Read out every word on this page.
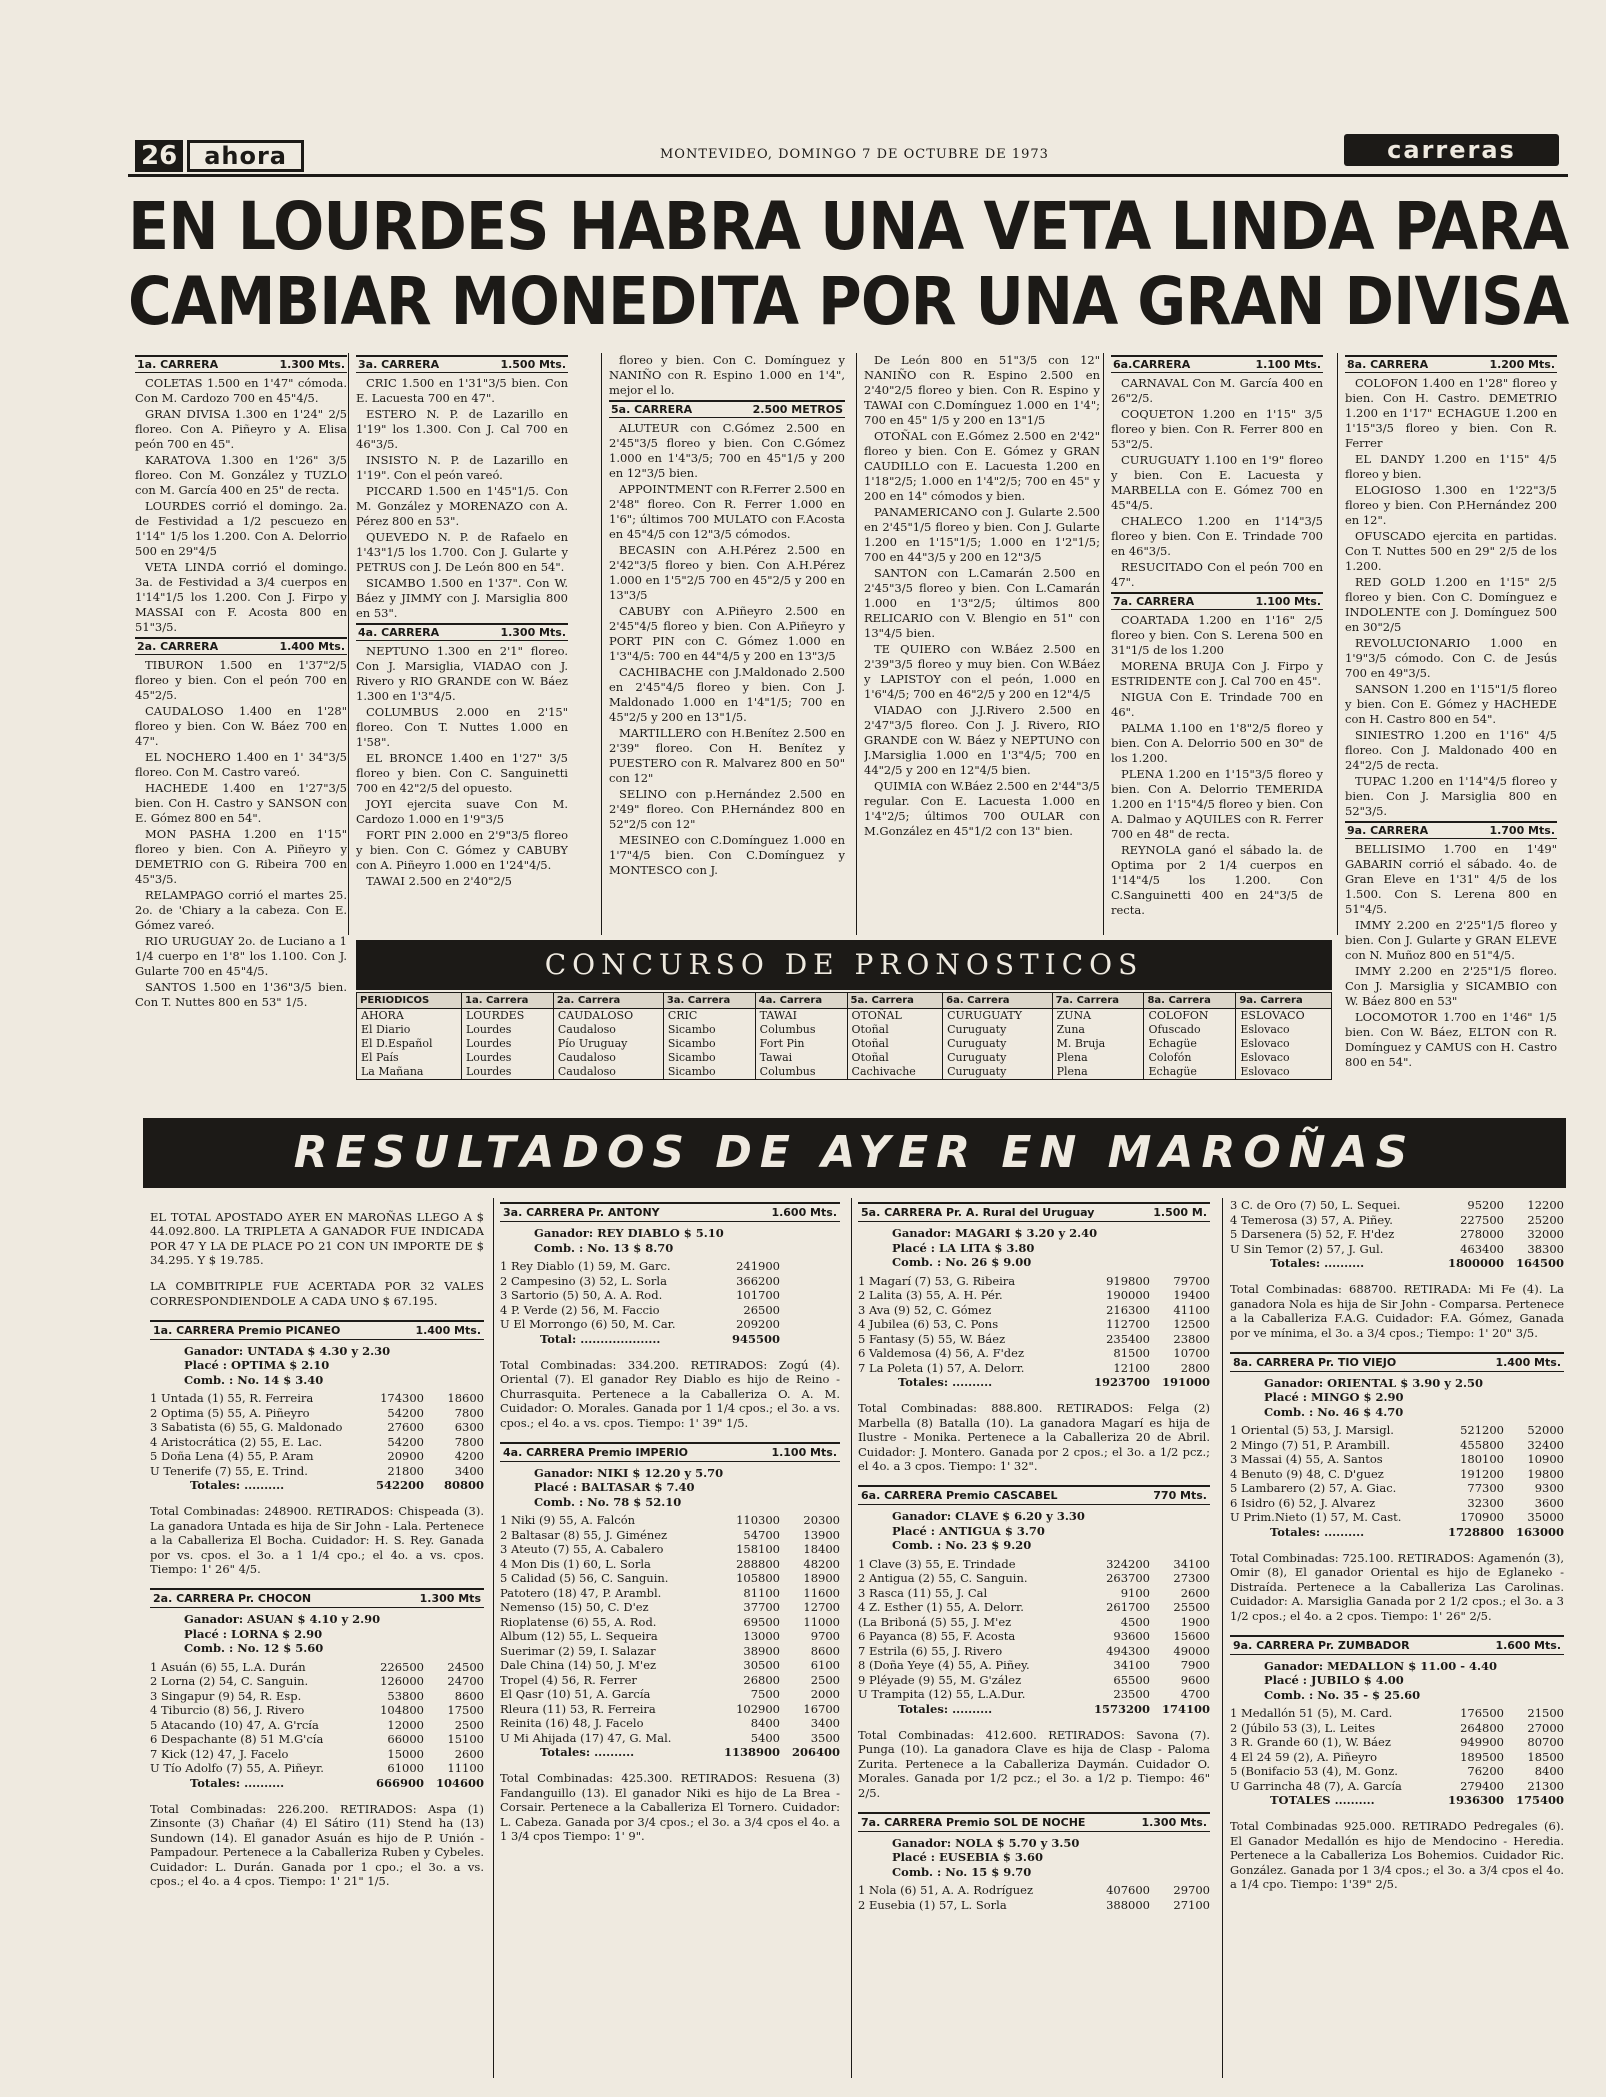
26	ahora	MONTEVIDEO, DOMINGO 7 DE OCTUBRE DE 1973	carreras
EN LOURDES HABRA UNA VETA LINDA PARA
CAMBIAR MONEDITA POR UNA GRAN DIVISA
1a. CARRERA	1.300 Mts.

COLETAS 1.500 en 1'47" cómoda. Con M. Cardozo 700 en 45"4/5.

GRAN DIVISA 1.300 en 1'24" 2/5 floreo. Con A. Piñeyro y A. Elisa peón 700 en 45".

KARATOVA 1.300 en 1'26" 3/5 floreo. Con M. González y TUZLO con M. García 400 en 25" de recta.

LOURDES corrió el domingo. 2a. de Festividad a 1/2 pescuezo en 1'14" 1/5 los 1.200. Con A. Delorrio 500 en 29"4/5

VETA LINDA corrió el domingo. 3a. de Festividad a 3/4 cuerpos en 1'14"1/5 los 1.200. Con J. Firpo y MASSAI con F. Acosta 800 en 51"3/5.

2a. CARRERA	1.400 Mts.

TIBURON 1.500 en 1'37"2/5 floreo y bien. Con el peón 700 en 45"2/5.

CAUDALOSO 1.400 en 1'28" floreo y bien. Con W. Báez 700 en 47".

EL NOCHERO 1.400 en 1' 34"3/5 floreo. Con M. Castro vareó.

HACHEDE 1.400 en 1'27"3/5 bien. Con H. Castro y SANSON con E. Gómez 800 en 54".

MON PASHA 1.200 en 1'15" floreo y bien. Con A. Piñeyro y DEMETRIO con G. Ribeira 700 en 45"3/5.

RELAMPAGO corrió el martes 25. 2o. de 'Chiary a la cabeza. Con E. Gómez vareó.

RIO URUGUAY 2o. de Luciano a 1 1/4 cuerpo en 1'8" los 1.100. Con J. Gularte 700 en 45"4/5.

SANTOS 1.500 en 1'36"3/5 bien. Con T. Nuttes 800 en 53" 1/5.

3a. CARRERA	1.500 Mts.

CRIC 1.500 en 1'31"3/5 bien. Con E. Lacuesta 700 en 47".

ESTERO N. P. de Lazarillo en 1'19" los 1.300. Con J. Cal 700 en 46"3/5.

INSISTO N. P. de Lazarillo en 1'19". Con el peón vareó.

PICCARD 1.500 en 1'45"1/5. Con M. González y MORENAZO con A. Pérez 800 en 53".

QUEVEDO N. P. de Rafaelo en 1'43"1/5 los 1.700. Con J. Gularte y PETRUS con J. De León 800 en 54".

SICAMBO 1.500 en 1'37". Con W. Báez y JIMMY con J. Marsiglia 800 en 53".

4a. CARRERA	1.300 Mts.

NEPTUNO 1.300 en 2'1" floreo. Con J. Marsiglia, VIADAO con J. Rivero y RIO GRANDE con W. Báez 1.300 en 1'3"4/5.

COLUMBUS 2.000 en 2'15" floreo. Con T. Nuttes 1.000 en 1'58".

EL BRONCE 1.400 en 1'27" 3/5 floreo y bien. Con C. Sanguinetti 700 en 42"2/5 del opuesto.

JOYI ejercita suave Con M. Cardozo 1.000 en 1'9"3/5

FORT PIN 2.000 en 2'9"3/5 floreo y bien. Con C. Gómez y CABUBY con A. Piñeyro 1.000 en 1'24"4/5.

TAWAI 2.500 en 2'40"2/5

floreo y bien. Con C. Domínguez y NANIÑO con R. Espino 1.000 en 1'4", mejor el lo.

5a. CARRERA	2.500 METROS

ALUTEUR con C.Gómez 2.500 en 2'45"3/5 floreo y bien. Con C.Gómez 1.000 en 1'4"3/5; 700 en 45"1/5 y 200 en 12"3/5 bien.

APPOINTMENT con R.Ferrer 2.500 en 2'48" floreo. Con R. Ferrer 1.000 en 1'6"; últimos 700 MULATO con F.Acosta en 45"4/5 con 12"3/5 cómodos.

BECASIN con A.H.Pérez 2.500 en 2'42"3/5 floreo y bien. Con A.H.Pérez 1.000 en 1'5"2/5 700 en 45"2/5 y 200 en 13"3/5

CABUBY con A.Piñeyro 2.500 en 2'45"4/5 floreo y bien. Con A.Piñeyro y PORT PIN con C. Gómez 1.000 en 1'3"4/5: 700 en 44"4/5 y 200 en 13"3/5

CACHIBACHE con J.Maldonado 2.500 en 2'45"4/5 floreo y bien. Con J. Maldonado 1.000 en 1'4"1/5; 700 en 45"2/5 y 200 en 13"1/5.

MARTILLERO con H.Benítez 2.500 en 2'39" floreo. Con H. Benítez y PUESTERO con R. Malvarez 800 en 50" con 12"

SELINO con p.Hernández 2.500 en 2'49" floreo. Con P.Hernández 800 en 52"2/5 con 12"

MESINEO con C.Domínguez 1.000 en 1'7"4/5 bien. Con C.Domínguez y MONTESCO con J.

De León 800 en 51"3/5 con 12" NANIÑO con R. Espino 2.500 en 2'40"2/5 floreo y bien. Con R. Espino y TAWAI con C.Domínguez 1.000 en 1'4"; 700 en 45" 1/5 y 200 en 13"1/5

OTOÑAL con E.Gómez 2.500 en 2'42" floreo y bien. Con E. Gómez y GRAN CAUDILLO con E. Lacuesta 1.200 en 1'18"2/5; 1.000 en 1'4"2/5; 700 en 45" y 200 en 14" cómodos y bien.

PANAMERICANO con J. Gularte 2.500 en 2'45"1/5 floreo y bien. Con J. Gularte 1.200 en 1'15"1/5; 1.000 en 1'2"1/5; 700 en 44"3/5 y 200 en 12"3/5

SANTON con L.Camarán 2.500 en 2'45"3/5 floreo y bien. Con L.Camarán 1.000 en 1'3"2/5; últimos 800 RELICARIO con V. Blengio en 51" con 13"4/5 bien.

TE QUIERO con W.Báez 2.500 en 2'39"3/5 floreo y muy bien. Con W.Báez y LAPISTOY con el peón, 1.000 en 1'6"4/5; 700 en 46"2/5 y 200 en 12"4/5

VIADAO con J.J.Rivero 2.500 en 2'47"3/5 floreo. Con J. J. Rivero, RIO GRANDE con W. Báez y NEPTUNO con J.Marsiglia 1.000 en 1'3"4/5; 700 en 44"2/5 y 200 en 12"4/5 bien.

QUIMIA con W.Báez 2.500 en 2'44"3/5 regular. Con E. Lacuesta 1.000 en 1'4"2/5; últimos 700 OULAR con M.González en 45"1/2 con 13" bien.

6a.CARRERA	1.100 Mts.

CARNAVAL Con M. García 400 en 26"2/5.

COQUETON 1.200 en 1'15" 3/5 floreo y bien. Con R. Ferrer 800 en 53"2/5.

CURUGUATY 1.100 en 1'9" floreo y bien. Con E. Lacuesta y MARBELLA con E. Gómez 700 en 45"4/5.

CHALECO 1.200 en 1'14"3/5 floreo y bien. Con E. Trindade 700 en 46"3/5.

RESUCITADO Con el peón 700 en 47".

7a. CARRERA	1.100 Mts.

COARTADA 1.200 en 1'16" 2/5 floreo y bien. Con S. Lerena 500 en 31"1/5 de los 1.200

MORENA BRUJA Con J. Firpo y ESTRIDENTE con J. Cal 700 en 45".

NIGUA Con E. Trindade 700 en 46".

PALMA 1.100 en 1'8"2/5 floreo y bien. Con A. Delorrio 500 en 30" de los 1.200.

PLENA 1.200 en 1'15"3/5 floreo y bien. Con A. Delorrio TEMERIDA 1.200 en 1'15"4/5 floreo y bien. Con A. Dalmao y AQUILES con R. Ferrer 700 en 48" de recta.

REYNOLA ganó el sábado la. de Optima por 2 1/4 cuerpos en 1'14"4/5 los 1.200. Con C.Sanguinetti 400 en 24"3/5 de recta.

8a. CARRERA	1.200 Mts.

COLOFON 1.400 en 1'28" floreo y bien. Con H. Castro. DEMETRIO 1.200 en 1'17" ECHAGUE 1.200 en 1'15"3/5 floreo y bien. Con R. Ferrer

EL DANDY 1.200 en 1'15" 4/5 floreo y bien.

ELOGIOSO 1.300 en 1'22"3/5 floreo y bien. Con P.Hernández 200 en 12".

OFUSCADO ejercita en partidas. Con T. Nuttes 500 en 29" 2/5 de los 1.200.

RED GOLD 1.200 en 1'15" 2/5 floreo y bien. Con C. Domínguez e INDOLENTE con J. Domínguez 500 en 30"2/5

REVOLUCIONARIO 1.000 en 1'9"3/5 cómodo. Con C. de Jesús 700 en 49"3/5.

SANSON 1.200 en 1'15"1/5 floreo y bien. Con E. Gómez y HACHEDE con H. Castro 800 en 54".

SINIESTRO 1.200 en 1'16" 4/5 floreo. Con J. Maldonado 400 en 24"2/5 de recta.

TUPAC 1.200 en 1'14"4/5 floreo y bien. Con J. Marsiglia 800 en 52"3/5.

9a. CARRERA	1.700 Mts.

BELLISIMO 1.700 en 1'49" GABARIN corrió el sábado. 4o. de Gran Eleve en 1'31" 4/5 de los 1.500. Con S. Lerena 800 en 51"4/5.

IMMY 2.200 en 2'25"1/5 floreo y bien. Con J. Gularte y GRAN ELEVE con N. Muñoz 800 en 51"4/5.

IMMY 2.200 en 2'25"1/5 floreo. Con J. Marsiglia y SICAMBIO con W. Báez 800 en 53"

LOCOMOTOR 1.700 en 1'46" 1/5 bien. Con W. Báez, ELTON con R. Domínguez y CAMUS con H. Castro 800 en 54".

CONCURSO DE PRONOSTICOS
PERIODICOS	1a. Carrera	2a. Carrera	3a. Carrera	4a. Carrera	5a. Carrera	6a. Carrera	7a. Carrera	8a. Carrera	9a. Carrera
AHORA	LOURDES	CAUDALOSO	CRIC	TAWAI	OTOÑAL	CURUGUATY	ZUNA	COLOFON	ESLOVACO
El Diario	Lourdes	Caudaloso	Sicambo	Columbus	Otoñal	Curuguaty	Zuna	Ofuscado	Eslovaco
El D.Español	Lourdes	Pío Uruguay	Sicambo	Fort Pin	Otoñal	Curuguaty	M. Bruja	Echagüe	Eslovaco
El País	Lourdes	Caudaloso	Sicambo	Tawai	Otoñal	Curuguaty	Plena	Colofón	Eslovaco
La Mañana	Lourdes	Caudaloso	Sicambo	Columbus	Cachivache	Curuguaty	Plena	Echagüe	Eslovaco
RESULTADOS DE AYER EN MAROÑAS

EL TOTAL APOSTADO AYER EN MAROÑAS LLEGO A $ 44.092.800. LA TRIPLETA A GANADOR FUE INDICADA POR 47 Y LA DE PLACE PO 21 CON UN IMPORTE DE $ 34.295. Y $ 19.785.

LA COMBITRIPLE FUE ACERTADA POR 32 VALES CORRESPONDIENDOLE A CADA UNO $ 67.195.

1a. CARRERA Premio PICANEO	1.400 Mts.
Ganador: UNTADA $ 4.30 y 2.30
Placé : OPTIMA $ 2.10
Comb. : No. 14 $ 3.40
1 Untada (1) 55, R. Ferreira	174300	18600
2 Optima (5) 55, A. Piñeyro	54200	7800
3 Sabatista (6) 55, G. Maldonado	27600	6300
4 Aristocrática (2) 55, E. Lac.	54200	7800
5 Doña Lena (4) 55, P. Aram	20900	4200
U Tenerife (7) 55, E. Trind.	21800	3400
Totales: ..........	542200	80800

Total Combinadas: 248900. RETIRADOS: Chispeada (3). La ganadora Untada es hija de Sir John - Lala. Pertenece a la Caballeriza El Bocha. Cuidador: H. S. Rey. Ganada por vs. cpos. el 3o. a 1 1/4 cpo.; el 4o. a vs. cpos. Tiempo: 1' 26" 4/5.

2a. CARRERA Pr. CHOCON	1.300 Mts
Ganador: ASUAN $ 4.10 y 2.90
Placé : LORNA $ 2.90
Comb. : No. 12 $ 5.60
1 Asuán (6) 55, L.A. Durán	226500	24500
2 Lorna (2) 54, C. Sanguin.	126000	24700
3 Singapur (9) 54, R. Esp.	53800	8600
4 Tiburcio (8) 56, J. Rivero	104800	17500
5 Atacando (10) 47, A. G'rcía	12000	2500
6 Despachante (8) 51 M.G'cía	66000	15100
7 Kick (12) 47, J. Facelo	15000	2600
U Tío Adolfo (7) 55, A. Piñeyr.	61000	11100
Totales: ..........	666900	104600

Total Combinadas: 226.200. RETIRADOS: Aspa (1) Zinsonte (3) Chañar (4) El Sátiro (11) Stend ha (13) Sundown (14). El ganador Asuán es hijo de P. Unión - Pampadour. Pertenece a la Caballeriza Ruben y Cybeles. Cuidador: L. Durán. Ganada por 1 cpo.; el 3o. a vs. cpos.; el 4o. a 4 cpos. Tiempo: 1' 21" 1/5.

3a. CARRERA Pr. ANTONY	1.600 Mts.
Ganador: REY DIABLO $ 5.10
Comb. : No. 13 $ 8.70
1 Rey Diablo (1) 59, M. Garc.	241900
2 Campesino (3) 52, L. Sorla	366200
3 Sartorio (5) 50, A. A. Rod.	101700
4 P. Verde (2) 56, M. Faccio	26500
U El Morrongo (6) 50, M. Car.	209200
Total: ....................	945500

Total Combinadas: 334.200. RETIRADOS: Zogú (4). Oriental (7). El ganador Rey Diablo es hijo de Reino - Churrasquita. Pertenece a la Caballeriza O. A. M. Cuidador: O. Morales. Ganada por 1 1/4 cpos.; el 3o. a vs. cpos.; el 4o. a vs. cpos. Tiempo: 1' 39" 1/5.

4a. CARRERA Premio IMPERIO	1.100 Mts.
Ganador: NIKI $ 12.20 y 5.70
Placé : BALTASAR $ 7.40
Comb. : No. 78 $ 52.10
1 Niki (9) 55, A. Falcón	110300	20300
2 Baltasar (8) 55, J. Giménez	54700	13900
3 Ateuto (7) 55, A. Cabalero	158100	18400
4 Mon Dis (1) 60, L. Sorla	288800	48200
5 Calidad (5) 56, C. Sanguin.	105800	18900
Patotero (18) 47, P. Arambl.	81100	11600
Nemenso (15) 50, C. D'ez	37700	12700
Rioplatense (6) 55, A. Rod.	69500	11000
Album (12) 55, L. Sequeira	13000	9700
Suerimar (2) 59, I. Salazar	38900	8600
Dale China (14) 50, J. M'ez	30500	6100
Tropel (4) 56, R. Ferrer	26800	2500
El Qasr (10) 51, A. García	7500	2000
Rleura (11) 53, R. Ferreira	102900	16700
Reinita (16) 48, J. Facelo	8400	3400
U Mi Ahijada (17) 47, G. Mal.	5400	3500
Totales: ..........	1138900	206400

Total Combinadas: 425.300. RETIRADOS: Resuena (3) Fandanguillo (13). El ganador Niki es hijo de La Brea - Corsair. Pertenece a la Caballeriza El Tornero. Cuidador: L. Cabeza. Ganada por 3/4 cpos.; el 3o. a 3/4 cpos el 4o. a 1 3/4 cpos Tiempo: 1' 9".

5a. CARRERA Pr. A. Rural del Uruguay	1.500 M.
Ganador: MAGARI $ 3.20 y 2.40
Placé : LA LITA $ 3.80
Comb. : No. 26 $ 9.00
1 Magarí (7) 53, G. Ribeira	919800	79700
2 Lalita (3) 55, A. H. Pér.	190000	19400
3 Ava (9) 52, C. Gómez	216300	41100
4 Jubilea (6) 53, C. Pons	112700	12500
5 Fantasy (5) 55, W. Báez	235400	23800
6 Valdemosa (4) 56, A. F'dez	81500	10700
7 La Poleta (1) 57, A. Delorr.	12100	2800
Totales: ..........	1923700	191000

Total Combinadas: 888.800. RETIRADOS: Felga (2) Marbella (8) Batalla (10). La ganadora Magarí es hija de Ilustre - Monika. Pertenece a la Caballeriza 20 de Abril. Cuidador: J. Montero. Ganada por 2 cpos.; el 3o. a 1/2 pcz.; el 4o. a 3 cpos. Tiempo: 1' 32".

6a. CARRERA Premio CASCABEL	770 Mts.
Ganador: CLAVE $ 6.20 y 3.30
Placé : ANTIGUA $ 3.70
Comb. : No. 23 $ 9.20
1 Clave (3) 55, E. Trindade	324200	34100
2 Antigua (2) 55, C. Sanguin.	263700	27300
3 Rasca (11) 55, J. Cal	9100	2600
4 Z. Esther (1) 55, A. Delorr.	261700	25500
(La Briboná (5) 55, J. M'ez	4500	1900
6 Payanca (8) 55, F. Acosta	93600	15600
7 Estrila (6) 55, J. Rivero	494300	49000
8 (Doña Yeye (4) 55, A. Piñey.	34100	7900
9 Pléyade (9) 55, M. G'zález	65500	9600
U Trampita (12) 55, L.A.Dur.	23500	4700
Totales: ..........	1573200	174100

Total Combinadas: 412.600. RETIRADOS: Savona (7). Punga (10). La ganadora Clave es hija de Clasp - Paloma Zurita. Pertenece a la Caballeriza Daymán. Cuidador O. Morales. Ganada por 1/2 pcz.; el 3o. a 1/2 p. Tiempo: 46" 2/5.

7a. CARRERA Premio SOL DE NOCHE	1.300 Mts.
Ganador: NOLA $ 5.70 y 3.50
Placé : EUSEBIA $ 3.60
Comb. : No. 15 $ 9.70
1 Nola (6) 51, A. A. Rodríguez	407600	29700
2 Eusebia (1) 57, L. Sorla	388000	27100
3 C. de Oro (7) 50, L. Sequei.	95200	12200
4 Temerosa (3) 57, A. Piñey.	227500	25200
5 Darsenera (5) 52, F. H'dez	278000	32000
U Sin Temor (2) 57, J. Gul.	463400	38300
Totales: ..........	1800000	164500

Total Combinadas: 688700. RETIRADA: Mi Fe (4). La ganadora Nola es hija de Sir John - Comparsa. Pertenece a la Caballeriza F.A.G. Cuidador: F.A. Gómez, Ganada por ve mínima, el 3o. a 3/4 cpos.; Tiempo: 1' 20" 3/5.

8a. CARRERA Pr. TIO VIEJO	1.400 Mts.
Ganador: ORIENTAL $ 3.90 y 2.50
Placé : MINGO $ 2.90
Comb. : No. 46 $ 4.70
1 Oriental (5) 53, J. Marsigl.	521200	52000
2 Mingo (7) 51, P. Arambill.	455800	32400
3 Massai (4) 55, A. Santos	180100	10900
4 Benuto (9) 48, C. D'guez	191200	19800
5 Lambarero (2) 57, A. Giac.	77300	9300
6 Isidro (6) 52, J. Alvarez	32300	3600
U Prim.Nieto (1) 57, M. Cast.	170900	35000
Totales: ..........	1728800	163000

Total Combinadas: 725.100. RETIRADOS: Agamenón (3), Omir (8), El ganador Oriental es hijo de Eglaneko - Distraída. Pertenece a la Caballeriza Las Carolinas. Cuidador: A. Marsiglia Ganada por 2 1/2 cpos.; el 3o. a 3 1/2 cpos.; el 4o. a 2 cpos. Tiempo: 1' 26" 2/5.

9a. CARRERA Pr. ZUMBADOR	1.600 Mts.
Ganador: MEDALLON $ 11.00 - 4.40
Placé : JUBILO $ 4.00
Comb. : No. 35 - $ 25.60
1 Medallón 51 (5), M. Card.	176500	21500
2 (Júbilo 53 (3), L. Leites	264800	27000
3 R. Grande 60 (1), W. Báez	949900	80700
4 El 24 59 (2), A. Piñeyro	189500	18500
5 (Bonifacio 53 (4), M. Gonz.	76200	8400
U Garrincha 48 (7), A. García	279400	21300
TOTALES ..........	1936300	175400

Total Combinadas 925.000. RETIRADO Pedregales (6). El Ganador Medallón es hijo de Mendocino - Heredia. Pertenece a la Caballeriza Los Bohemios. Cuidador Ric. González. Ganada por 1 3/4 cpos.; el 3o. a 3/4 cpos el 4o. a 1/4 cpo. Tiempo: 1'39" 2/5.
